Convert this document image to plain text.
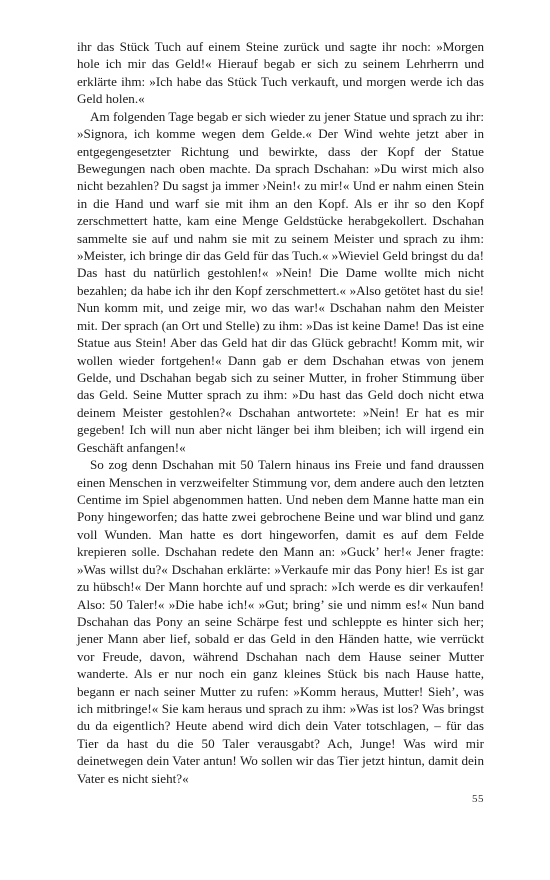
ihr das Stück Tuch auf einem Steine zurück und sagte ihr noch: »Morgen hole ich mir das Geld!« Hierauf begab er sich zu seinem Lehrherrn und erklärte ihm: »Ich habe das Stück Tuch verkauft, und morgen werde ich das Geld holen.«

Am folgenden Tage begab er sich wieder zu jener Statue und sprach zu ihr: »Signora, ich komme wegen dem Gelde.« Der Wind wehte jetzt aber in entgegengesetzter Richtung und bewirkte, dass der Kopf der Statue Bewegungen nach oben machte. Da sprach Dschahan: »Du wirst mich also nicht bezahlen? Du sagst ja immer ›Nein!‹ zu mir!« Und er nahm einen Stein in die Hand und warf sie mit ihm an den Kopf. Als er ihr so den Kopf zerschmettert hatte, kam eine Menge Geldstücke herabgekollert. Dschahan sammelte sie auf und nahm sie mit zu seinem Meister und sprach zu ihm: »Meister, ich bringe dir das Geld für das Tuch.« »Wieviel Geld bringst du da! Das hast du natürlich gestohlen!« »Nein! Die Dame wollte mich nicht bezahlen; da habe ich ihr den Kopf zerschmettert.« »Also getötet hast du sie! Nun komm mit, und zeige mir, wo das war!« Dschahan nahm den Meister mit. Der sprach (an Ort und Stelle) zu ihm: »Das ist keine Dame! Das ist eine Statue aus Stein! Aber das Geld hat dir das Glück gebracht! Komm mit, wir wollen wieder fortgehen!« Dann gab er dem Dschahan etwas von jenem Gelde, und Dschahan begab sich zu seiner Mutter, in froher Stimmung über das Geld. Seine Mutter sprach zu ihm: »Du hast das Geld doch nicht etwa deinem Meister gestohlen?« Dschahan antwortete: »Nein! Er hat es mir gegeben! Ich will nun aber nicht länger bei ihm bleiben; ich will irgend ein Geschäft anfangen!«

So zog denn Dschahan mit 50 Talern hinaus ins Freie und fand draussen einen Menschen in verzweifelter Stimmung vor, dem andere auch den letzten Centime im Spiel abgenommen hatten. Und neben dem Manne hatte man ein Pony hingeworfen; das hatte zwei gebrochene Beine und war blind und ganz voll Wunden. Man hatte es dort hingeworfen, damit es auf dem Felde krepieren solle. Dschahan redete den Mann an: »Guck’ her!« Jener fragte: »Was willst du?« Dschahan erklärte: »Verkaufe mir das Pony hier! Es ist gar zu hübsch!« Der Mann horchte auf und sprach: »Ich werde es dir verkaufen! Also: 50 Taler!« »Die habe ich!« »Gut; bring’ sie und nimm es!« Nun band Dschahan das Pony an seine Schärpe fest und schleppte es hinter sich her; jener Mann aber lief, sobald er das Geld in den Händen hatte, wie verrückt vor Freude, davon, während Dschahan nach dem Hause seiner Mutter wanderte. Als er nur noch ein ganz kleines Stück bis nach Hause hatte, begann er nach seiner Mutter zu rufen: »Komm heraus, Mutter! Sieh’, was ich mitbringe!« Sie kam heraus und sprach zu ihm: »Was ist los? Was bringst du da eigentlich? Heute abend wird dich dein Vater totschlagen, – für das Tier da hast du die 50 Taler verausgabt? Ach, Junge! Was wird mir deinetwegen dein Vater antun! Wo sollen wir das Tier jetzt hintun, damit dein Vater es nicht sieht?«

55
